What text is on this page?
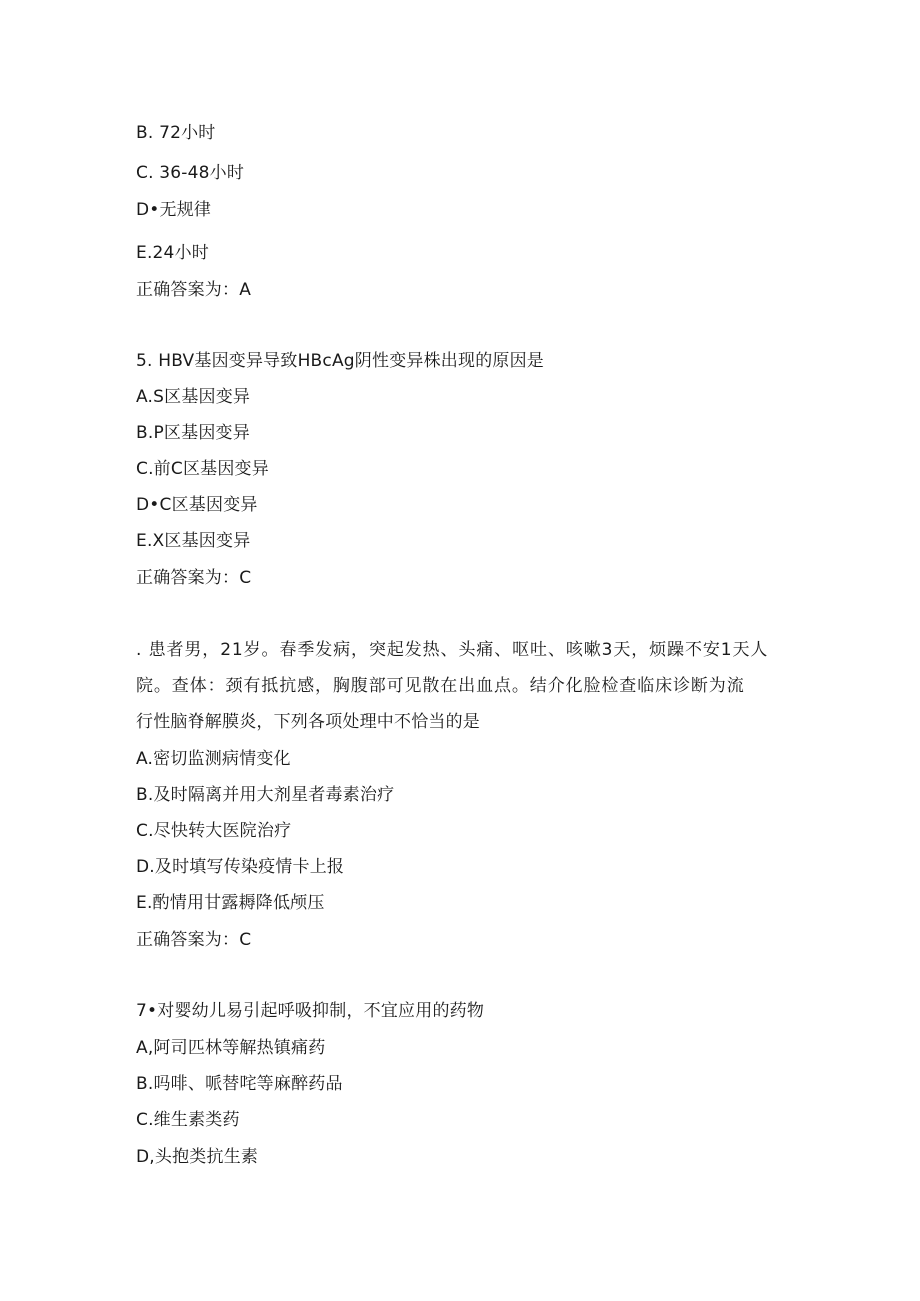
B. 72小时
C. 36-48小时
D•无规律
E.24小时
正确答案为：A
5. HBV基因变异导致HBcAg阴性变异株出现的原因是
A.S区基因变异
B.P区基因变异
C.前C区基因变异
D•C区基因变异
E.X区基因变异
正确答案为：C
. 患者男，21岁。春季发病，突起发热、头痛、呕吐、咳嗽3天，烦躁不安1天人
院。查体：颈有抵抗感，胸腹部可见散在出血点。结介化脸检查临床诊断为流
行性脑脊解膜炎，下列各项处理中不恰当的是
A.密切监测病情变化
B.及时隔离并用大剂星者毒素治疗
C.尽快转大医院治疗
D.及时填写传染疫情卡上报
E.酌情用甘露耨降低颅压
正确答案为：C
7•对婴幼儿易引起呼吸抑制，不宜应用的药物
A,阿司匹林等解热镇痛药
B.吗啡、哌替咤等麻醉药品
C.维生素类药
D,头抱类抗生素
